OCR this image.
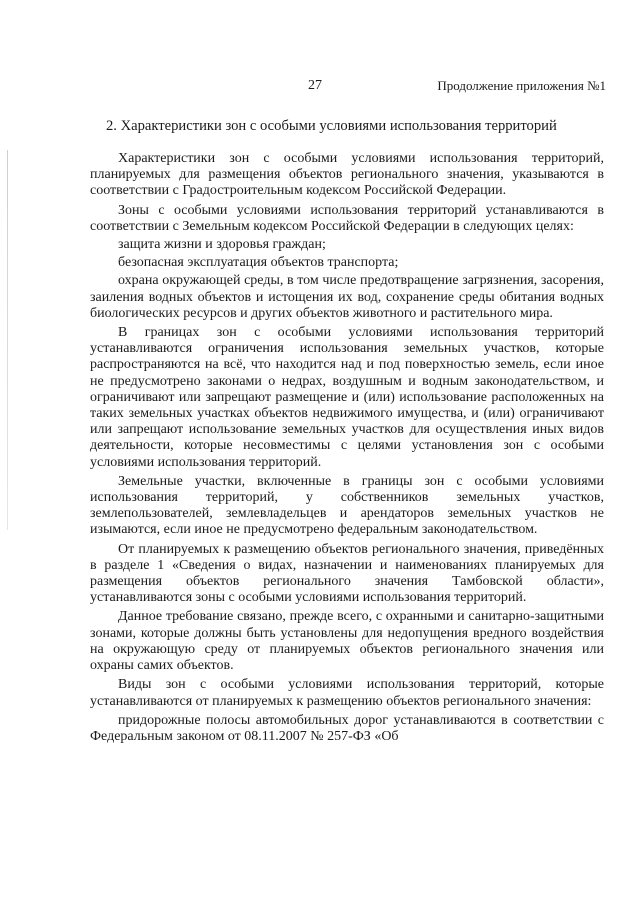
27	Продолжение приложения №1
2. Характеристики зон с особыми условиями использования территорий

Характеристики зон с особыми условиями использования территорий, планируемых для размещения объектов регионального значения, указываются в соответствии с Градостроительным кодексом Российской Федерации.

Зоны с особыми условиями использования территорий устанавливаются в соответствии с Земельным кодексом Российской Федерации в следующих целях:

защита жизни и здоровья граждан;

безопасная эксплуатация объектов транспорта;

охрана окружающей среды, в том числе предотвращение загрязнения, засорения, заиления водных объектов и истощения их вод, сохранение среды обитания водных биологических ресурсов и других объектов животного и растительного мира.

В границах зон с особыми условиями использования территорий устанавливаются ограничения использования земельных участков, которые распространяются на всё, что находится над и под поверхностью земель, если иное не предусмотрено законами о недрах, воздушным и водным законодательством, и ограничивают или запрещают размещение и (или) использование расположенных на таких земельных участках объектов недвижимого имущества, и (или) ограничивают или запрещают использование земельных участков для осуществления иных видов деятельности, которые несовместимы с целями установления зон с особыми условиями использования территорий.

Земельные участки, включенные в границы зон с особыми условиями использования территорий, у собственников земельных участков, землепользователей, землевладельцев и арендаторов земельных участков не изымаются, если иное не предусмотрено федеральным законодательством.

От планируемых к размещению объектов регионального значения, приведённых в разделе 1 «Сведения о видах, назначении и наименованиях планируемых для размещения объектов регионального значения Тамбовской области», устанавливаются зоны с особыми условиями использования территорий.

Данное требование связано, прежде всего, с охранными и санитарно-защитными зонами, которые должны быть установлены для недопущения вредного воздействия на окружающую среду от планируемых объектов регионального значения или охраны самих объектов.

Виды зон с особыми условиями использования территорий, которые устанавливаются от планируемых к размещению объектов регионального значения:

придорожные полосы автомобильных дорог устанавливаются в соответствии с Федеральным законом от 08.11.2007 № 257-ФЗ «Об
